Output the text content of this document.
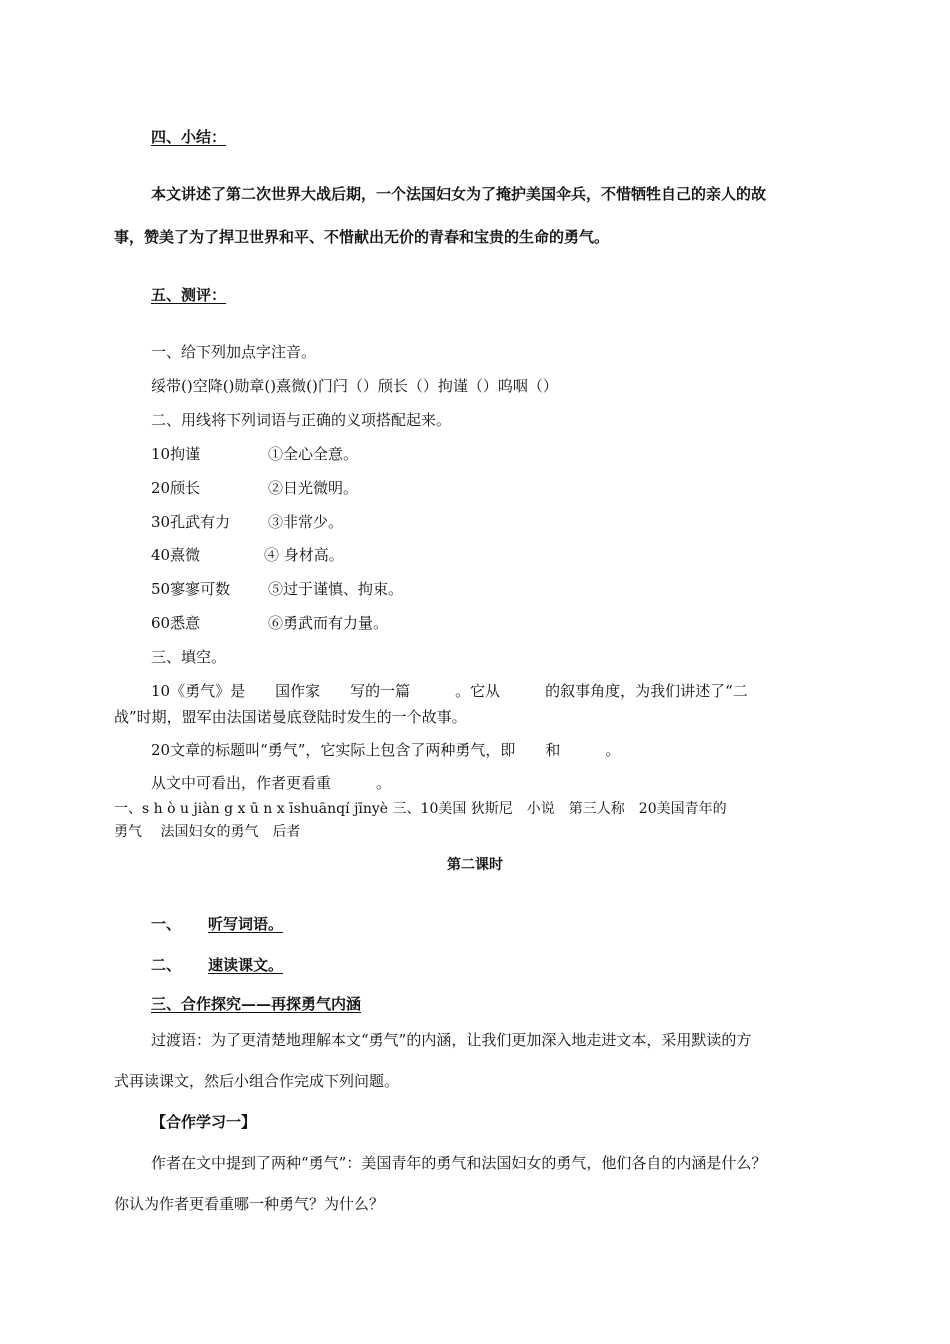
四、小结：
本文讲述了第二次世界大战后期，一个法国妇女为了掩护美国伞兵，不惜牺牲自己的亲人的故
事，赞美了为了捍卫世界和平、不惜献出无价的青春和宝贵的生命的勇气。
五、测评：
一、给下列加点字注音。
绥带()空降()勋章()熹微()门闩（）颀长（）拘谨（）呜咽（）
二、用线将下列词语与正确的义项搭配起来。
10拘谨	①全心全意。
20颀长	②日光微明。
30孔武有力	③非常少。
40熹微	④ 身材高。
50寥寥可数	⑤过于谨慎、拘束。
60悉意	⑥勇武而有力量。
三、填空。
10《勇气》是　　国作家　　写的一篇　　　。它从　　　的叙事角度，为我们讲述了“二
战”时期，盟军由法国诺曼底登陆时发生的一个故事。
20文章的标题叫“勇气”，它实际上包含了两种勇气，即　　和　　　。
从文中可看出，作者更看重　　　。
一、s h ò u jiàn g x ū n x īshuānqí jīnyè 三、10美国 狄斯尼　小说　第三人称　20美国青年的
勇气　 法国妇女的勇气　后者
第二课时
一、 听写词语。
二、 速读课文。
三、合作探究——再探勇气内涵
过渡语：为了更清楚地理解本文“勇气”的内涵，让我们更加深入地走进文本，采用默读的方
式再读课文，然后小组合作完成下列问题。
【合作学习一】
作者在文中提到了两种“勇气”：美国青年的勇气和法国妇女的勇气，他们各自的内涵是什么？
你认为作者更看重哪一种勇气？为什么？
